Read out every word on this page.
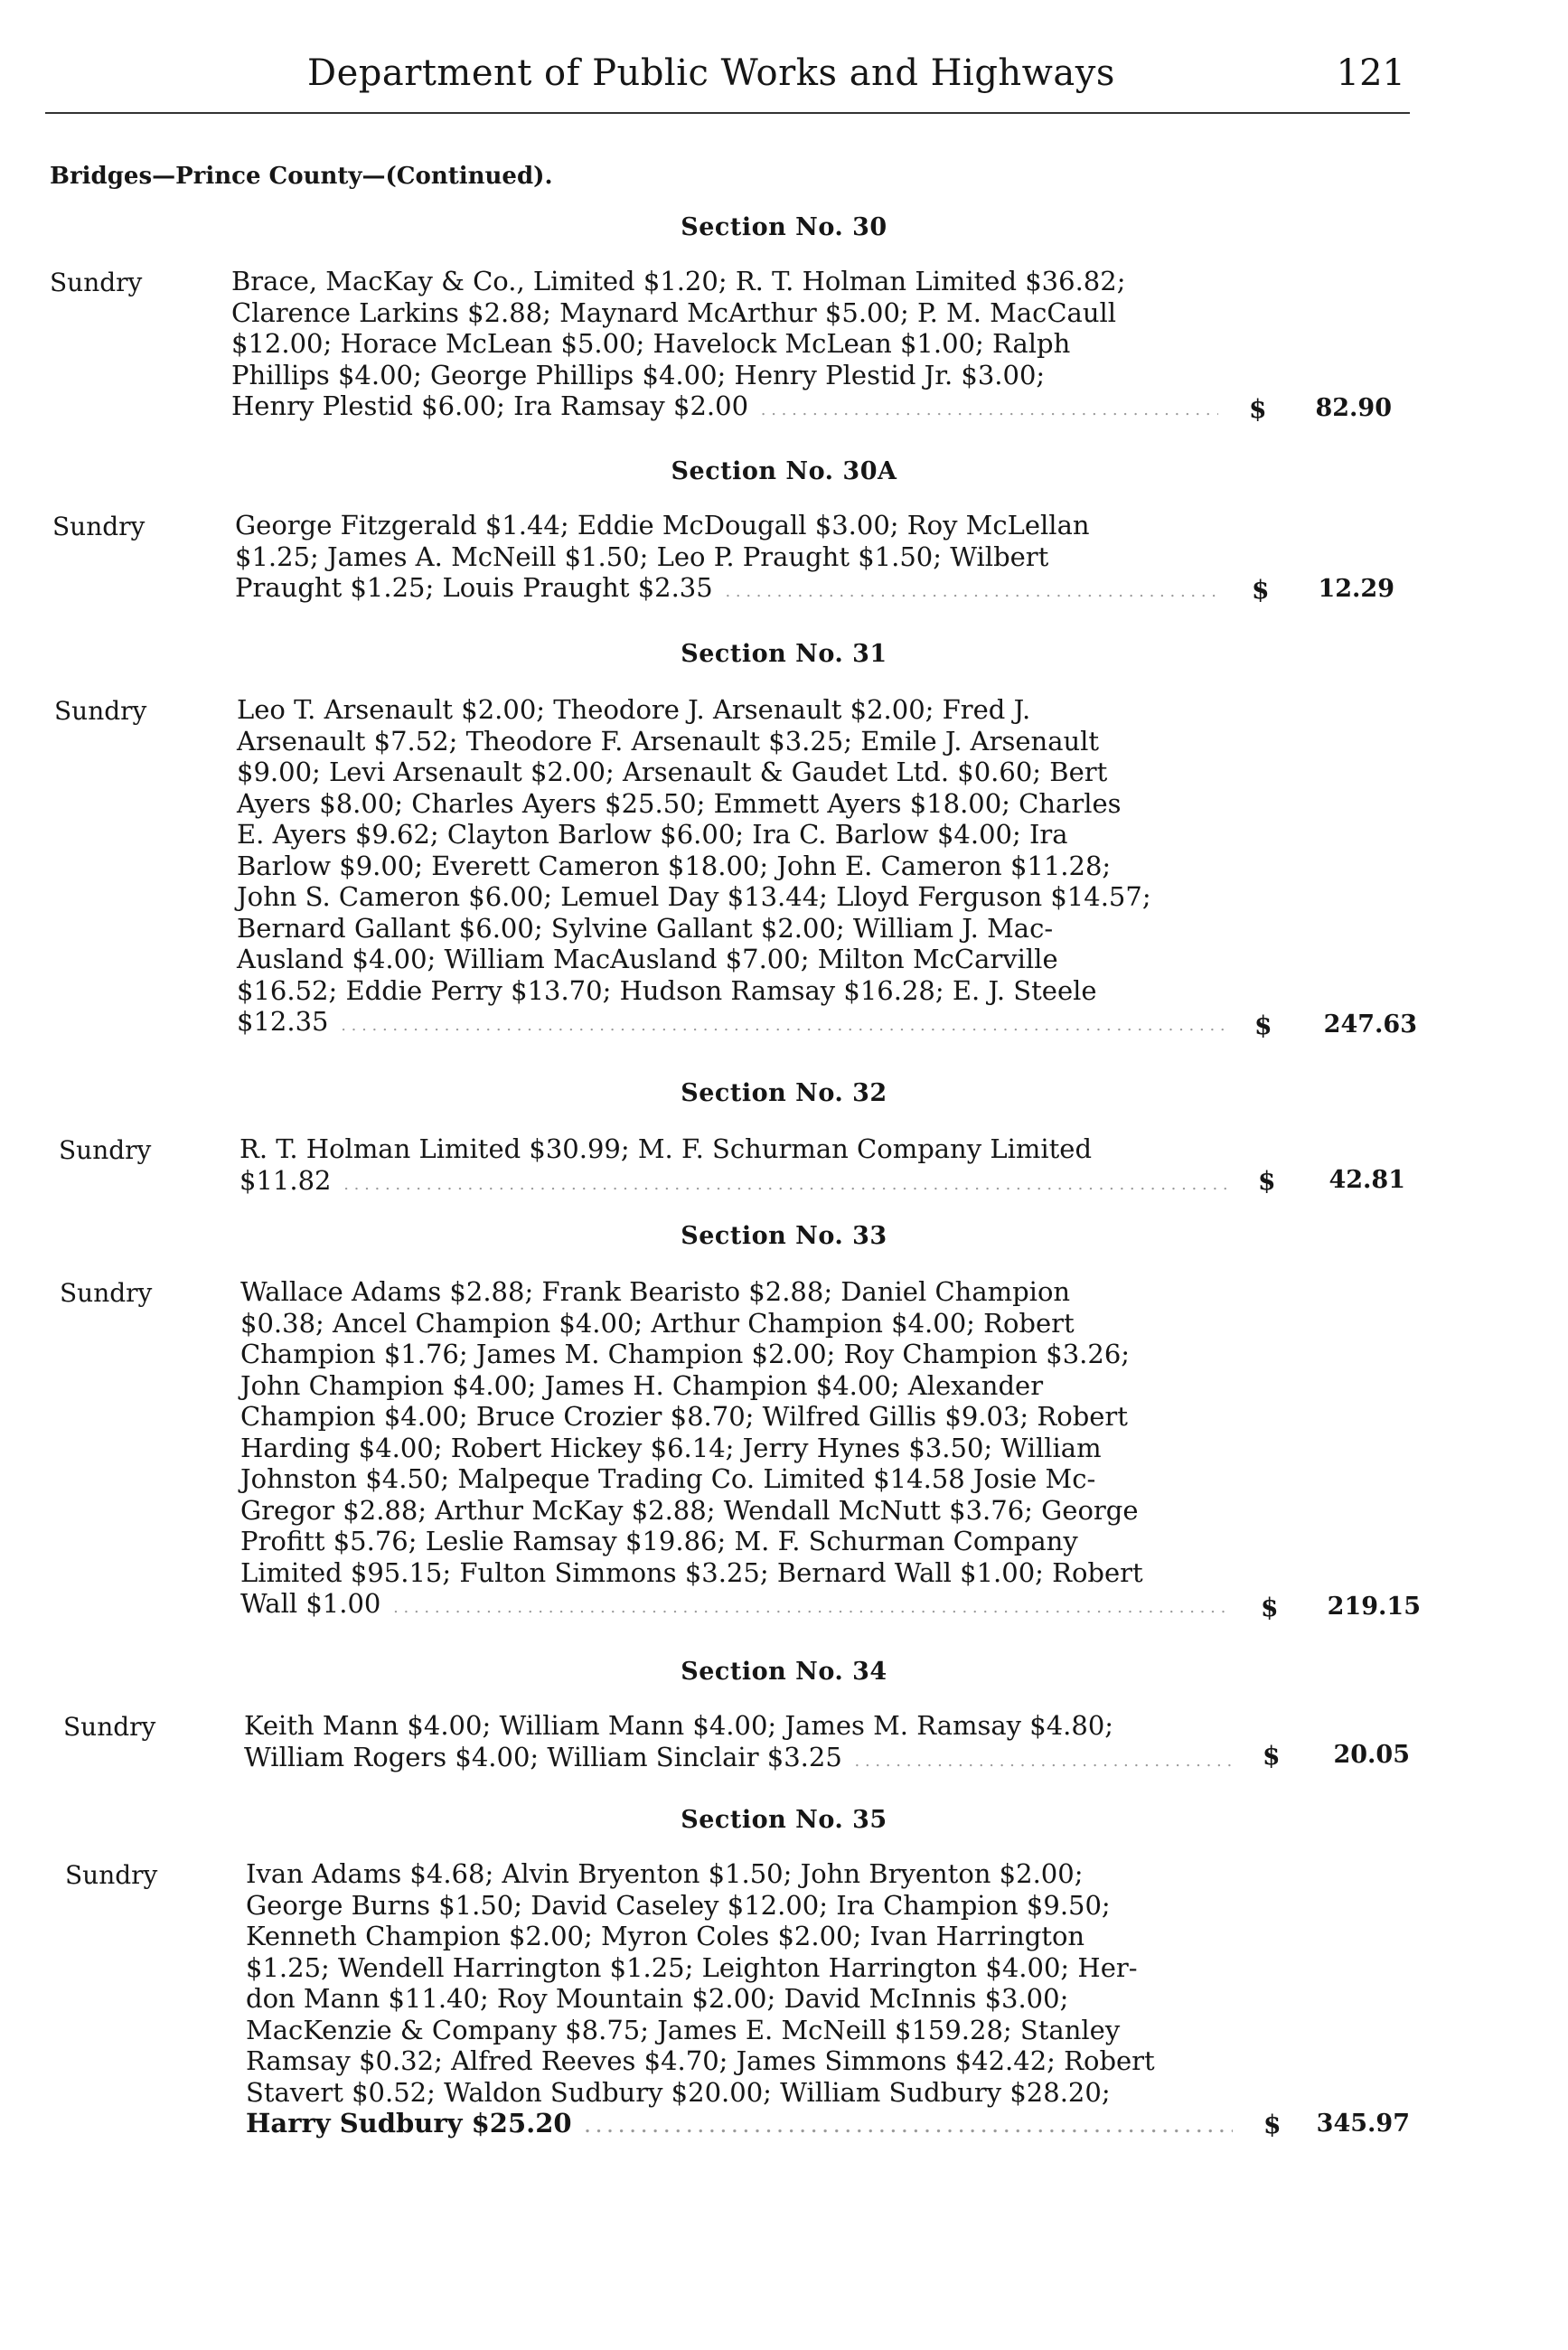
Department of Public Works and Highways	121
Bridges—Prince County—(Continued).
Section No. 30
Sundry	Brace, MacKay & Co., Limited $1.20; R. T. Holman Limited $36.82;
Clarence Larkins $2.88; Maynard McArthur $5.00; P. M. MacCaull
$12.00; Horace McLean $5.00; Havelock McLean $1.00; Ralph
Phillips $4.00; George Phillips $4.00; Henry Plestid Jr. $3.00;
Henry Plestid $6.00; Ira Ramsay $2.00 . . .	$	82.90
Section No. 30A
Sundry	George Fitzgerald $1.44; Eddie McDougall $3.00; Roy McLellan
$1.25; James A. McNeill $1.50; Leo P. Praught $1.50; Wilbert
Praught $1.25; Louis Praught $2.35 . . .	$	12.29
Section No. 31
Sundry	Leo T. Arsenault $2.00; Theodore J. Arsenault $2.00; Fred J.
Arsenault $7.52; Theodore F. Arsenault $3.25; Emile J. Arsenault
$9.00; Levi Arsenault $2.00; Arsenault & Gaudet Ltd. $0.60; Bert
Ayers $8.00; Charles Ayers $25.50; Emmett Ayers $18.00; Charles
E. Ayers $9.62; Clayton Barlow $6.00; Ira C. Barlow $4.00; Ira
Barlow $9.00; Everett Cameron $18.00; John E. Cameron $11.28;
John S. Cameron $6.00; Lemuel Day $13.44; Lloyd Ferguson $14.57;
Bernard Gallant $6.00; Sylvine Gallant $2.00; William J. Mac-
Ausland $4.00; William MacAusland $7.00; Milton McCarville
$16.52; Eddie Perry $13.70; Hudson Ramsay $16.28; E. J. Steele
$12.35 . . .	$	247.63
Section No. 32
Sundry	R. T. Holman Limited $30.99; M. F. Schurman Company Limited
$11.82 . . .	$	42.81
Section No. 33
Sundry	Wallace Adams $2.88; Frank Bearisto $2.88; Daniel Champion
$0.38; Ancel Champion $4.00; Arthur Champion $4.00; Robert
Champion $1.76; James M. Champion $2.00; Roy Champion $3.26;
John Champion $4.00; James H. Champion $4.00; Alexander
Champion $4.00; Bruce Crozier $8.70; Wilfred Gillis $9.03; Robert
Harding $4.00; Robert Hickey $6.14; Jerry Hynes $3.50; William
Johnston $4.50; Malpeque Trading Co. Limited $14.58 Josie Mc-
Gregor $2.88; Arthur McKay $2.88; Wendall McNutt $3.76; George
Profitt $5.76; Leslie Ramsay $19.86; M. F. Schurman Company
Limited $95.15; Fulton Simmons $3.25; Bernard Wall $1.00; Robert
Wall $1.00 . . .	$	219.15
Section No. 34
Sundry	Keith Mann $4.00; William Mann $4.00; James M. Ramsay $4.80;
William Rogers $4.00; William Sinclair $3.25 . . .	$	20.05
Section No. 35
Sundry	Ivan Adams $4.68; Alvin Bryenton $1.50; John Bryenton $2.00;
George Burns $1.50; David Caseley $12.00; Ira Champion $9.50;
Kenneth Champion $2.00; Myron Coles $2.00; Ivan Harrington
$1.25; Wendell Harrington $1.25; Leighton Harrington $4.00; Her-
don Mann $11.40; Roy Mountain $2.00; David McInnis $3.00;
MacKenzie & Company $8.75; James E. McNeill $159.28; Stanley
Ramsay $0.32; Alfred Reeves $4.70; James Simmons $42.42; Robert
Stavert $0.52; Waldon Sudbury $20.00; William Sudbury $28.20;
Harry Sudbury $25.20 . . .	$	345.97
